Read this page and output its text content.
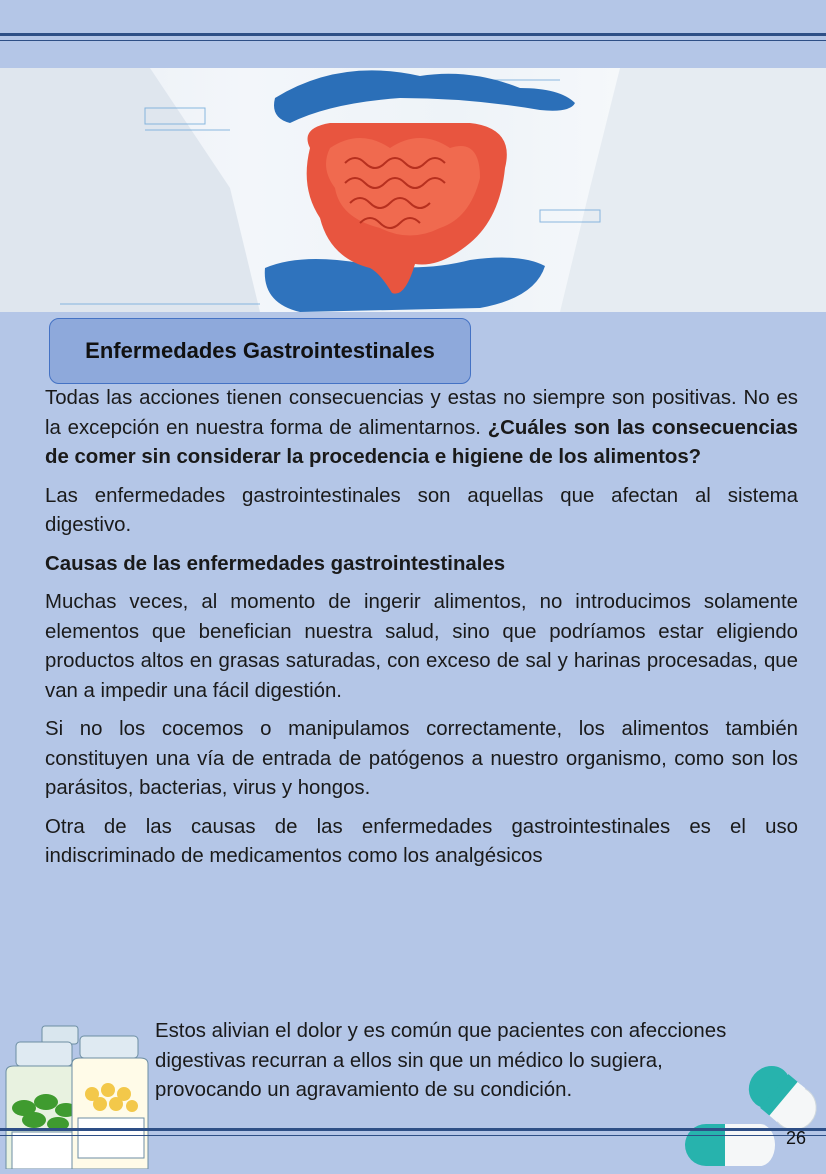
Enfermedades Gastrointestinales

Todas las acciones tienen consecuencias y estas no siempre son positivas. No es la excepción en nuestra forma de alimentarnos. ¿Cuáles son las consecuencias de comer sin considerar la procedencia e higiene de los alimentos?

Las enfermedades gastrointestinales son aquellas que afectan al sistema digestivo.

Causas de las enfermedades gastrointestinales

Muchas veces, al momento de ingerir alimentos, no introducimos solamente elementos que benefician nuestra salud, sino que podríamos estar eligiendo productos altos en grasas saturadas, con exceso de sal y harinas procesadas, que van a impedir una fácil digestión.

Si no los cocemos o manipulamos correctamente, los alimentos también constituyen una vía de entrada de patógenos a nuestro organismo, como son los parásitos, bacterias, virus y hongos.

Otra de las causas de las enfermedades gastrointestinales es el uso indiscriminado de medicamentos como los analgésicos

Estos alivian el dolor y es común que pacientes con afecciones
digestivas recurran a ellos sin que un médico lo sugiera,
provocando un agravamiento de su condición.

26
